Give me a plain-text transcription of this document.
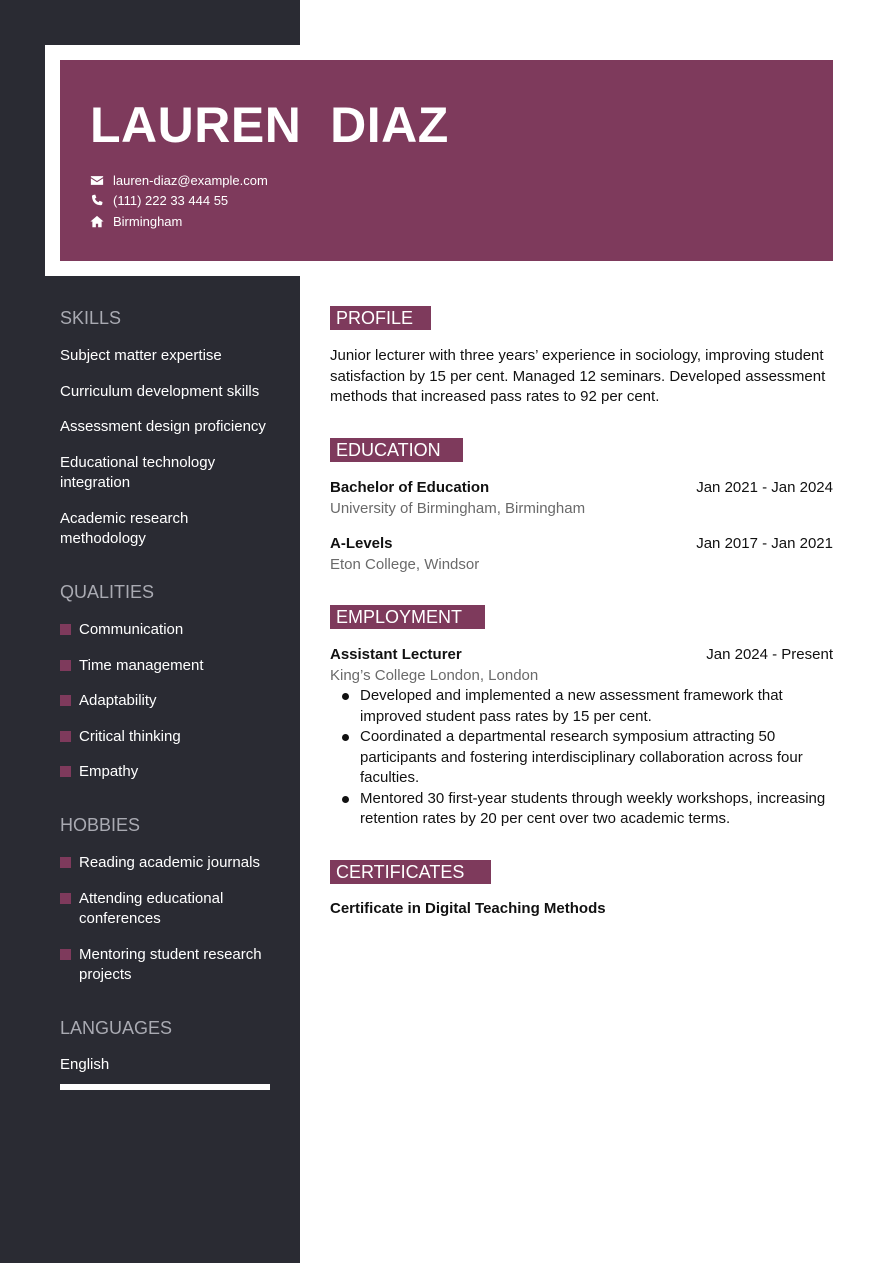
LAUREN DIAZ
lauren-diaz@example.com
(111) 222 33 444 55
Birmingham
SKILLS
Subject matter expertise
Curriculum development skills
Assessment design proficiency
Educational technology integration
Academic research methodology
QUALITIES
Communication
Time management
Adaptability
Critical thinking
Empathy
HOBBIES
Reading academic journals
Attending educational conferences
Mentoring student research projects
LANGUAGES
English
PROFILE

Junior lecturer with three years’ experience in sociology, improving student satisfaction by 15 per cent. Managed 12 seminars. Developed assessment methods that increased pass rates to 92 per cent.

EDUCATION
Bachelor of Education	Jan 2021 - Jan 2024
University of Birmingham, Birmingham
A-Levels	Jan 2017 - Jan 2021
Eton College, Windsor
EMPLOYMENT
Assistant Lecturer	Jan 2024 - Present
King’s College London, London
Developed and implemented a new assessment framework that improved student pass rates by 15 per cent.
Coordinated a departmental research symposium attracting 50 participants and fostering interdisciplinary collaboration across four faculties.
Mentored 30 first-year students through weekly workshops, increasing retention rates by 20 per cent over two academic terms.
CERTIFICATES
Certificate in Digital Teaching Methods
